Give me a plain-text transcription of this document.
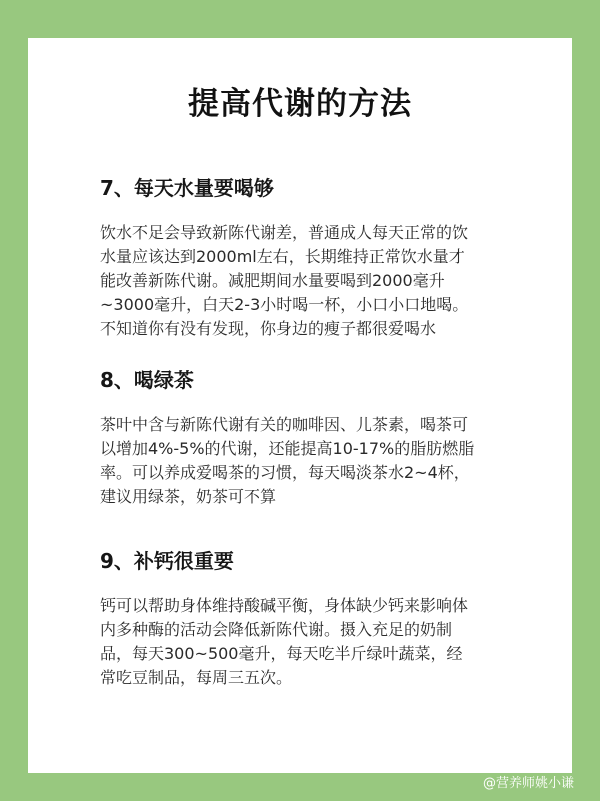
提高代谢的方法
7、每天水量要喝够

饮水不足会导致新陈代谢差，普通成人每天正常的饮水量应该达到2000ml左右，长期维持正常饮水量才能改善新陈代谢。减肥期间水量要喝到2000毫升~3000毫升，白天2-3小时喝一杯，小口小口地喝。不知道你有没有发现，你身边的瘦子都很爱喝水

8、喝绿茶

茶叶中含与新陈代谢有关的咖啡因、儿茶素，喝茶可以增加4%-5%的代谢，还能提高10-17%的脂肪燃脂率。可以养成爱喝茶的习惯，每天喝淡茶水2~4杯，建议用绿茶，奶茶可不算

9、补钙很重要

钙可以帮助身体维持酸碱平衡，身体缺少钙来影响体内多种酶的活动会降低新陈代谢。摄入充足的奶制品，每天300~500毫升，每天吃半斤绿叶蔬菜，经常吃豆制品，每周三五次。

@营养师姚小谦
